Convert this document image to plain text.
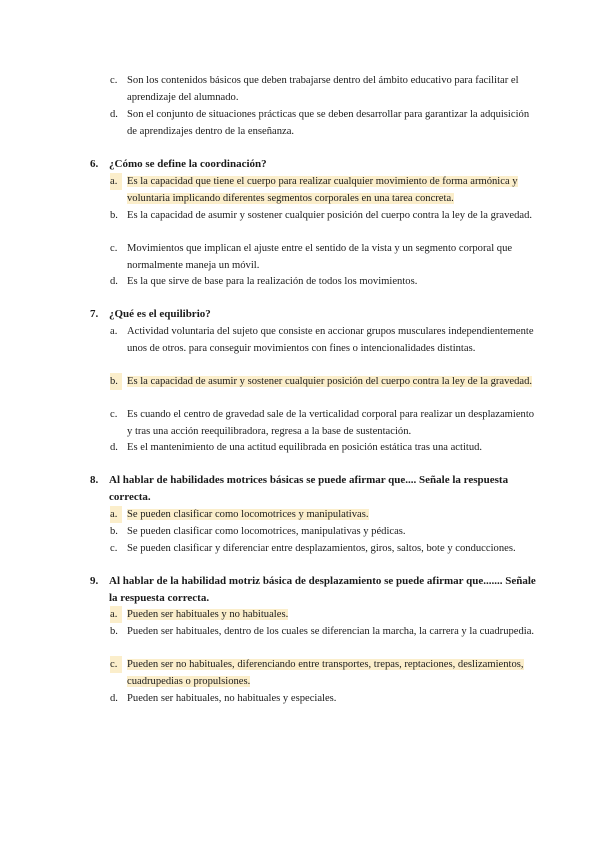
c. Son los contenidos básicos que deben trabajarse dentro del ámbito educativo para facilitar el aprendizaje del alumnado.
d. Son el conjunto de situaciones prácticas que se deben desarrollar para garantizar la adquisición de aprendizajes dentro de la enseñanza.
6. ¿Cómo se define la coordinación?
a. Es la capacidad que tiene el cuerpo para realizar cualquier movimiento de forma armónica y voluntaria implicando diferentes segmentos corporales en una tarea concreta.
b. Es la capacidad de asumir y sostener cualquier posición del cuerpo contra la ley de la gravedad.
c. Movimientos que implican el ajuste entre el sentido de la vista y un segmento corporal que normalmente maneja un móvil.
d. Es la que sirve de base para la realización de todos los movimientos.
7. ¿Qué es el equilibrio?
a. Actividad voluntaria del sujeto que consiste en accionar grupos musculares independientemente unos de otros. para conseguir movimientos con fines o intencionalidades distintas.
b. Es la capacidad de asumir y sostener cualquier posición del cuerpo contra la ley de la gravedad.
c. Es cuando el centro de gravedad sale de la verticalidad corporal para realizar un desplazamiento y tras una acción reequilibradora, regresa a la base de sustentación.
d. Es el mantenimiento de una actitud equilibrada en posición estática tras una actitud.
8. Al hablar de habilidades motrices básicas se puede afirmar que.... Señale la respuesta correcta.
a. Se pueden clasificar como locomotrices y manipulativas.
b. Se pueden clasificar como locomotrices, manipulativas y pédicas.
c. Se pueden clasificar y diferenciar entre desplazamientos, giros, saltos, bote y conducciones.
9. Al hablar de la habilidad motriz básica de desplazamiento se puede afirmar que....... Señale la respuesta correcta.
a. Pueden ser habituales y no habituales.
b. Pueden ser habituales, dentro de los cuales se diferencian la marcha, la carrera y la cuadrupedia.
c. Pueden ser no habituales, diferenciando entre transportes, trepas, reptaciones, deslizamientos, cuadrupedias o propulsiones.
d. Pueden ser habituales, no habituales y especiales.
